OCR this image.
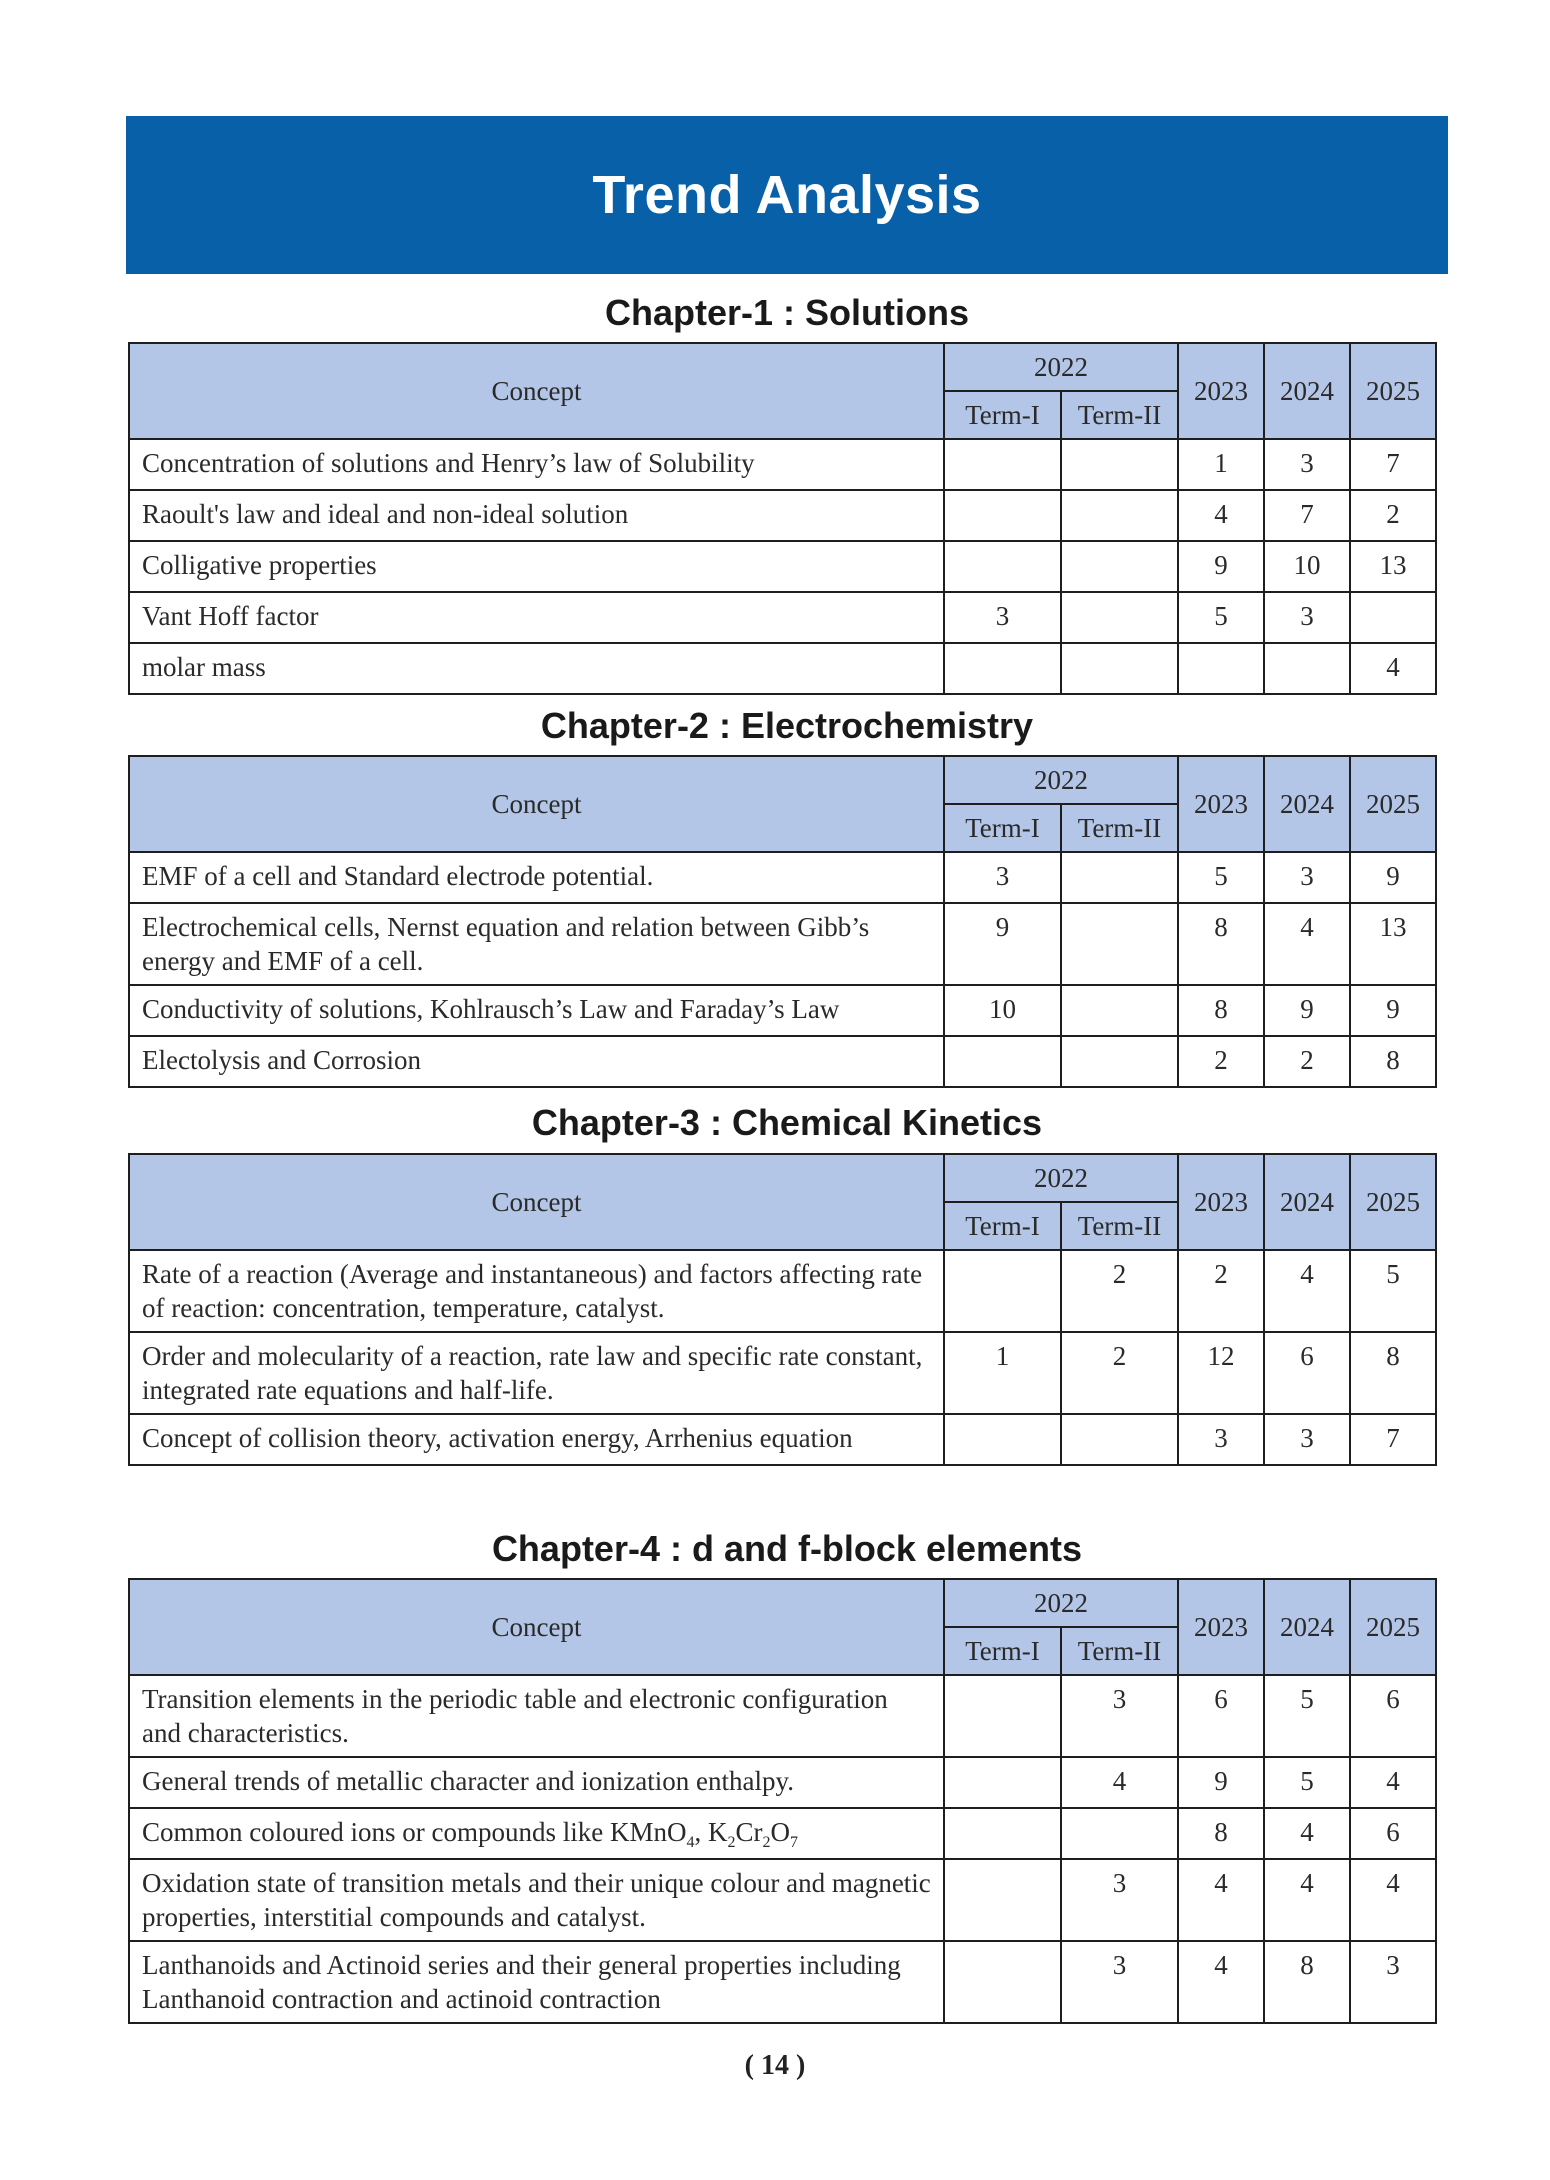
Trend Analysis
Chapter-1 : Solutions
Concept	2022		2023	2024	2025
	Term-I	Term-II			
Concentration of solutions and Henry’s law of Solubility			1	3	7
Raoult's law and ideal and non-ideal solution			4	7	2
Colligative properties			9	10	13
Vant Hoff factor	3		5	3	
molar mass					4
Chapter-2 : Electrochemistry
Concept	2022		2023	2024	2025
	Term-I	Term-II			
EMF of a cell and Standard electrode potential.	3		5	3	9
Electrochemical cells, Nernst equation and relation between Gibb’s energy and EMF of a cell.	9		8	4	13
Conductivity of solutions, Kohlrausch’s Law and Faraday’s Law	10		8	9	9
Electolysis and Corrosion			2	2	8
Chapter-3 : Chemical Kinetics
Concept	2022		2023	2024	2025
	Term-I	Term-II			
Rate of a reaction (Average and instantaneous) and factors affecting rate of reaction: concentration, temperature, catalyst.		2	2	4	5
Order and molecularity of a reaction, rate law and specific rate constant, integrated rate equations and half-life.	1	2	12	6	8
Concept of collision theory, activation energy, Arrhenius equation			3	3	7
Chapter-4 : d and f-block elements
Concept	2022		2023	2024	2025
	Term-I	Term-II			
Transition elements in the periodic table and electronic configuration and characteristics.		3	6	5	6
General trends of metallic character and ionization enthalpy.		4	9	5	4
Common coloured ions or compounds like KMnO$_4$, $K_2Cr_2O_7$			8	4	6
Oxidation state of transition metals and their unique colour and magnetic properties, interstitial compounds and catalyst.		3	4	4	4
Lanthanoids and Actinoid series and their general properties including Lanthanoid contraction and actinoid contraction		3	4	8	3
( 14 )
